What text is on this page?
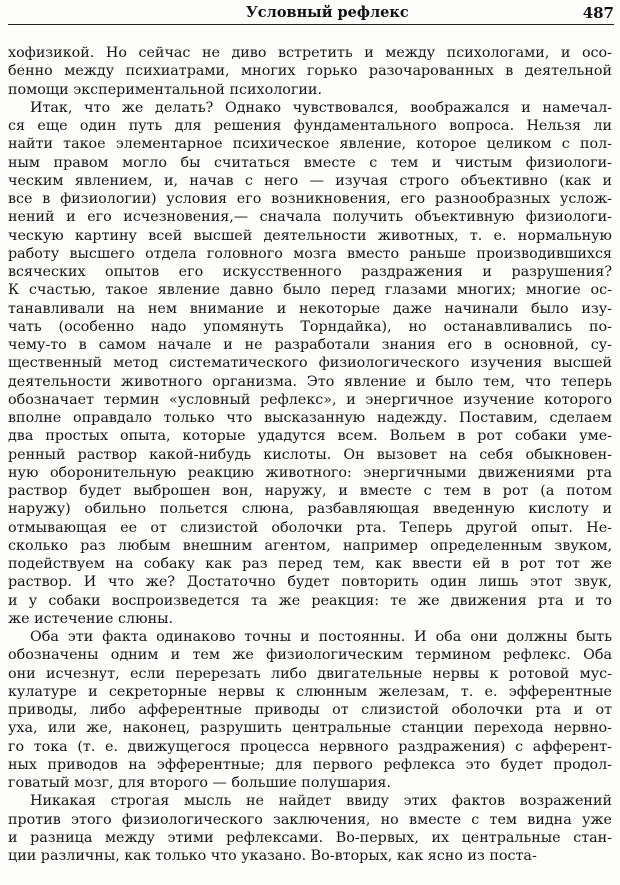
Условный рефлекс	487
хофизикой. Но сейчас не диво встретить и между психологами, и осо-
бенно между психиатрами, многих горько разочарованных в деятельной
помощи экспериментальной психологии.
Итак, что же делать? Однако чувствовался, воображался и намечал-
ся еще один путь для решения фундаментального вопроса. Нельзя ли
найти такое элементарное психическое явление, которое целиком с пол-
ным правом могло бы считаться вместе с тем и чистым физиологи-
ческим явлением, и, начав с него — изучая строго объективно (как и
все в физиологии) условия его возникновения, его разнообразных услож-
нений и его исчезновения,— сначала получить объективную физиологи-
ческую картину всей высшей деятельности животных, т. е. нормальную
работу высшего отдела головного мозга вместо раньше производившихся
всяческих опытов его искусственного раздражения и разрушения?
К счастью, такое явление давно было перед глазами многих; многие ос-
танавливали на нем внимание и некоторые даже начинали было изу-
чать (особенно надо упомянуть Торндайка), но останавливались по-
чему-то в самом начале и не разработали знания его в основной, су-
щественный метод систематического физиологического изучения высшей
деятельности животного организма. Это явление и было тем, что теперь
обозначает термин «условный рефлекс», и энергичное изучение которого
вполне оправдало только что высказанную надежду. Поставим, сделаем
два простых опыта, которые удадутся всем. Вольем в рот собаки уме-
ренный раствор какой-нибудь кислоты. Он вызовет на себя обыкновен-
ную оборонительную реакцию животного: энергичными движениями рта
раствор будет выброшен вон, наружу, и вместе с тем в рот (а потом
наружу) обильно польется слюна, разбавляющая введенную кислоту и
отмывающая ее от слизистой оболочки рта. Теперь другой опыт. Не-
сколько раз любым внешним агентом, например определенным звуком,
подействуем на собаку как раз перед тем, как ввести ей в рот тот же
раствор. И что же? Достаточно будет повторить один лишь этот звук,
и у собаки воспроизведется та же реакция: те же движения рта и то
же истечение слюны.
Оба эти факта одинаково точны и постоянны. И оба они должны быть
обозначены одним и тем же физиологическим термином рефлекс. Оба
они исчезнут, если перерезать либо двигательные нервы к ротовой мус-
кулатуре и секреторные нервы к слюнным железам, т. е. эфферентные
приводы, либо афферентные приводы от слизистой оболочки рта и от
уха, или же, наконец, разрушить центральные станции перехода нервно-
го тока (т. е. движущегося процесса нервного раздражения) с афферент-
ных приводов на эфферентные; для первого рефлекса это будет продол-
говатый мозг, для второго — большие полушария.
Никакая строгая мысль не найдет ввиду этих фактов возражений
против этого физиологического заключения, но вместе с тем видна уже
и разница между этими рефлексами. Во-первых, их центральные стан-
ции различны, как только что указано. Во-вторых, как ясно из поста-
